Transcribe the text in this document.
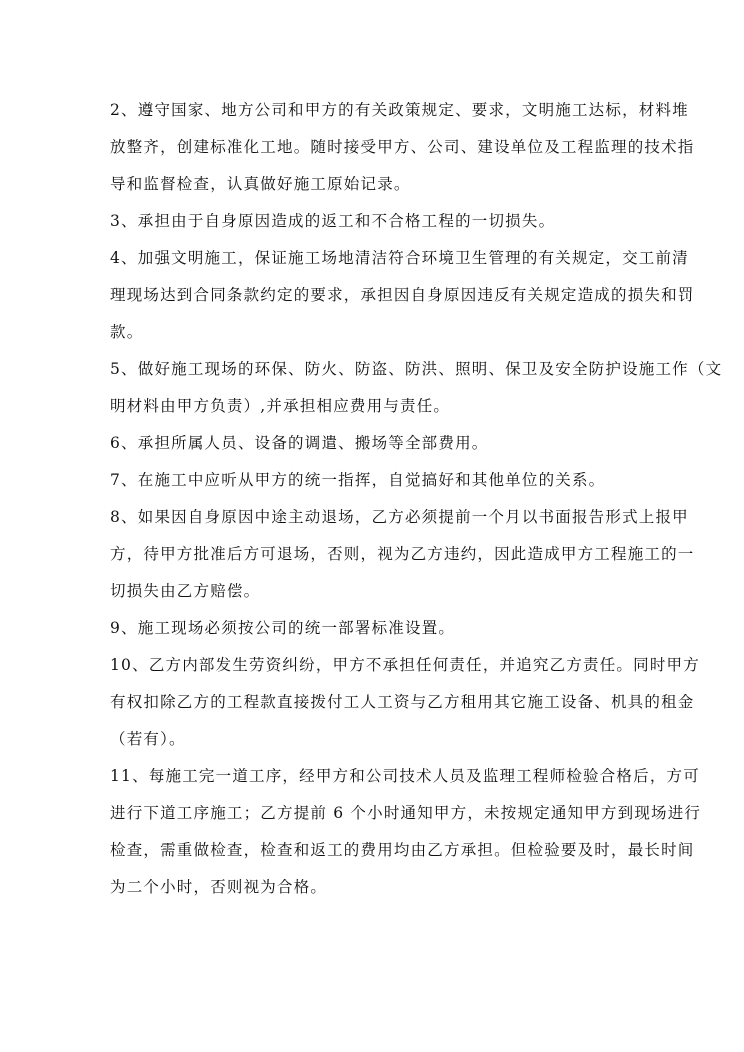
2、遵守国家、地方公司和甲方的有关政策规定、要求，文明施工达标，材料堆
放整齐，创建标准化工地。随时接受甲方、公司、建设单位及工程监理的技术指
导和监督检查，认真做好施工原始记录。

3、承担由于自身原因造成的返工和不合格工程的一切损失。

4、加强文明施工，保证施工场地清洁符合环境卫生管理的有关规定，交工前清
理现场达到合同条款约定的要求，承担因自身原因违反有关规定造成的损失和罚
款。

5、做好施工现场的环保、防火、防盗、防洪、照明、保卫及安全防护设施工作（文
明材料由甲方负责）,并承担相应费用与责任。

6、承担所属人员、设备的调遣、搬场等全部费用。

7、在施工中应听从甲方的统一指挥，自觉搞好和其他单位的关系。

8、如果因自身原因中途主动退场，乙方必须提前一个月以书面报告形式上报甲
方，待甲方批准后方可退场，否则，视为乙方违约，因此造成甲方工程施工的一
切损失由乙方赔偿。

9、施工现场必须按公司的统一部署标准设置。

10、乙方内部发生劳资纠纷，甲方不承担任何责任，并追究乙方责任。同时甲方
有权扣除乙方的工程款直接拨付工人工资与乙方租用其它施工设备、机具的租金
（若有）。

11、每施工完一道工序，经甲方和公司技术人员及监理工程师检验合格后，方可
进行下道工序施工；乙方提前 6 个小时通知甲方，未按规定通知甲方到现场进行
检查，需重做检查，检查和返工的费用均由乙方承担。但检验要及时，最长时间
为二个小时，否则视为合格。
